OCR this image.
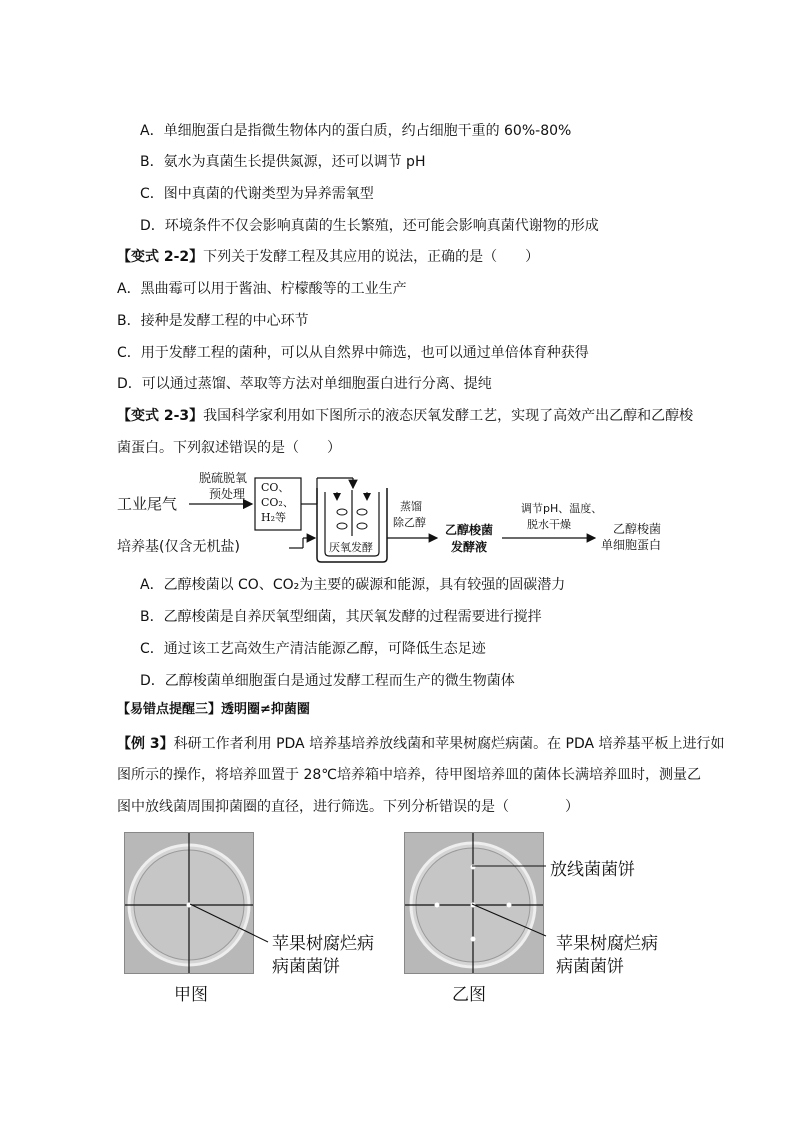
A．单细胞蛋白是指微生物体内的蛋白质，约占细胞干重的 60%-80%
B．氨水为真菌生长提供氮源，还可以调节 pH
C．图中真菌的代谢类型为异养需氧型
D．环境条件不仅会影响真菌的生长繁殖，还可能会影响真菌代谢物的形成
【变式 2-2】下列关于发酵工程及其应用的说法，正确的是（　　）
A．黑曲霉可以用于酱油、柠檬酸等的工业生产
B．接种是发酵工程的中心环节
C．用于发酵工程的菌种，可以从自然界中筛选，也可以通过单倍体育种获得
D．可以通过蒸馏、萃取等方法对单细胞蛋白进行分离、提纯
【变式 2-3】我国科学家利用如下图所示的液态厌氧发酵工艺，实现了高效产出乙醇和乙醇梭
菌蛋白。下列叙述错误的是（　　）
工业尾气
脱硫脱氧
预处理 CO、
CO₂、
H₂等
培养基(仅含无机盐)	厌氧发酵
蒸馏
除乙醇
乙醇梭菌
发酵液
调节pH、温度、
脱水干燥	乙醇梭菌
单细胞蛋白
A．乙醇梭菌以 CO、CO₂为主要的碳源和能源，具有较强的固碳潜力
B．乙醇梭菌是自养厌氧型细菌，其厌氧发酵的过程需要进行搅拌
C．通过该工艺高效生产清洁能源乙醇，可降低生态足迹
D．乙醇梭菌单细胞蛋白是通过发酵工程而生产的微生物菌体
【易错点提醒三】透明圈≠抑菌圈
【例 3】科研工作者利用 PDA 培养基培养放线菌和苹果树腐烂病菌。在 PDA 培养基平板上进行如
图所示的操作，将培养皿置于 28℃培养箱中培养，待甲图培养皿的菌体长满培养皿时，测量乙
图中放线菌周围抑菌圈的直径，进行筛选。下列分析错误的是（　　　　）
苹果树腐烂病
病菌菌饼
甲图
放线菌菌饼
苹果树腐烂病
病菌菌饼
乙图
